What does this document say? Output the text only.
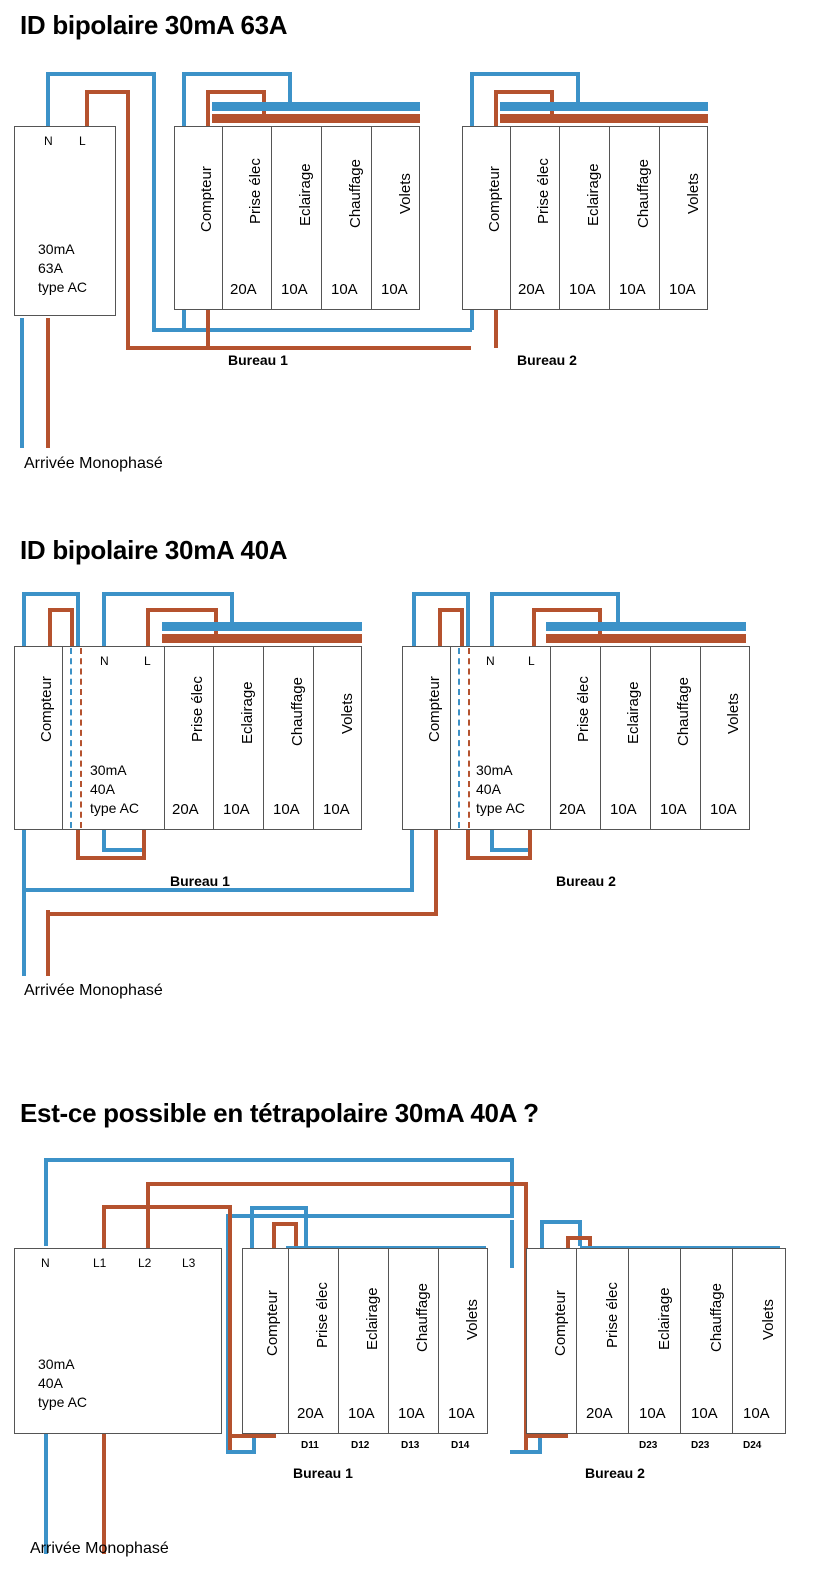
ID bipolaire 30mA 63A
Arrivée Monophasé
N L
30mA
63A
type AC
Compteur Prise élec Eclairage Chauffage Volets
20A 10A 10A 10A
Bureau 1
Compteur Prise élec Eclairage Chauffage Volets
20A 10A 10A 10A
Bureau 2
ID bipolaire 30mA 40A
Arrivée Monophasé
Compteur
N	L
30mA
40A
type AC
Prise élec Eclairage Chauffage Volets
20A 10A 10A 10A
Bureau 1
Compteur
N	L
30mA
40A
type AC
Prise élec Eclairage Chauffage Volets
20A 10A 10A 10A
Bureau 2
Est-ce possible en tétrapolaire 30mA 40A ?
Arrivée Monophasé
N	L1	L2	L3
30mA
40A
type AC
Compteur Prise élec Eclairage Chauffage Volets
20A 10A 10A 10A
D11	D12	D13	D14
Bureau 1
Compteur Prise élec Eclairage Chauffage Volets
20A 10A 10A 10A
D23	D23	D24
Bureau 2
